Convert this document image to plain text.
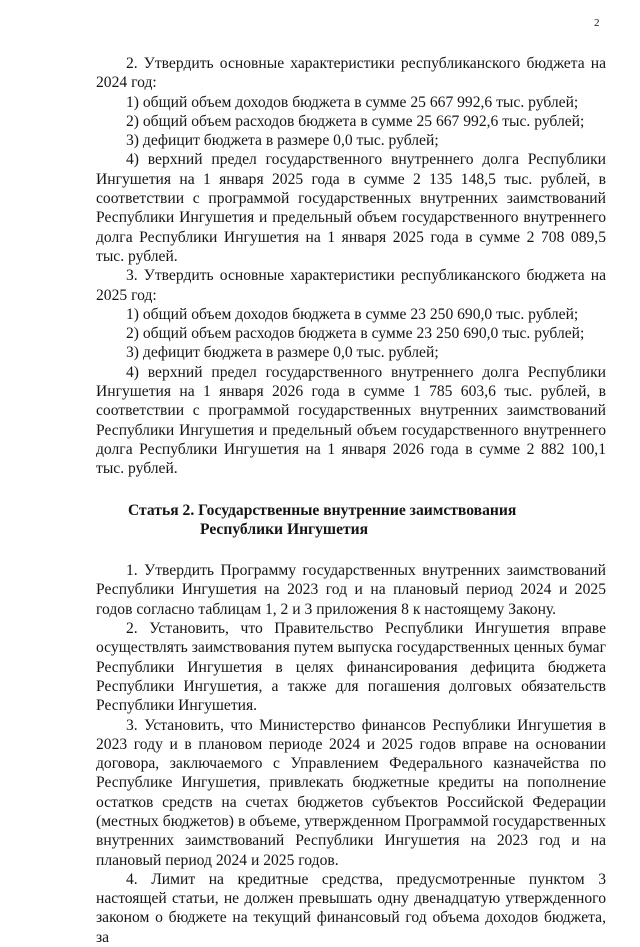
2

2. Утвердить основные характеристики республиканского бюджета на 2024 год:

1) общий объем доходов бюджета в сумме 25 667 992,6 тыс. рублей;

2) общий объем расходов бюджета в сумме 25 667 992,6 тыс. рублей;

3) дефицит бюджета в размере 0,0 тыс. рублей;

4) верхний предел государственного внутреннего долга Республики Ингушетия на 1 января 2025 года в сумме 2 135 148,5 тыс. рублей, в соответствии с программой государственных внутренних заимствований Республики Ингушетия и предельный объем государственного внутреннего долга Республики Ингушетия на 1 января 2025 года в сумме 2 708 089,5 тыс. рублей.

3. Утвердить основные характеристики республиканского бюджета на 2025 год:

1) общий объем доходов бюджета в сумме 23 250 690,0 тыс. рублей;

2) общий объем расходов бюджета в сумме 23 250 690,0 тыс. рублей;

3) дефицит бюджета в размере 0,0 тыс. рублей;

4) верхний предел государственного внутреннего долга Республики Ингушетия на 1 января 2026 года в сумме 1 785 603,6 тыс. рублей, в соответствии с программой государственных внутренних заимствований Республики Ингушетия и предельный объем государственного внутреннего долга Республики Ингушетия на 1 января 2026 года в сумме 2 882 100,1 тыс. рублей.

Статья 2. Государственные внутренние заимствования
Республики Ингушетия

1. Утвердить Программу государственных внутренних заимствований Республики Ингушетия на 2023 год и на плановый период 2024 и 2025 годов согласно таблицам 1, 2 и 3 приложения 8 к настоящему Закону.

2. Установить, что Правительство Республики Ингушетия вправе осуществлять заимствования путем выпуска государственных ценных бумаг Республики Ингушетия в целях финансирования дефицита бюджета Республики Ингушетия, а также для погашения долговых обязательств Республики Ингушетия.

3. Установить, что Министерство финансов Республики Ингушетия в 2023 году и в плановом периоде 2024 и 2025 годов вправе на основании договора, заключаемого с Управлением Федерального казначейства по Республике Ингушетия, привлекать бюджетные кредиты на пополнение остатков средств на счетах бюджетов субъектов Российской Федерации (местных бюджетов) в объеме, утвержденном Программой государственных внутренних заимствований Республики Ингушетия на 2023 год и на плановый период 2024 и 2025 годов.

4. Лимит на кредитные средства, предусмотренные пунктом 3 настоящей статьи, не должен превышать одну двенадцатую утвержденного законом о бюджете на текущий финансовый год объема доходов бюджета, за
